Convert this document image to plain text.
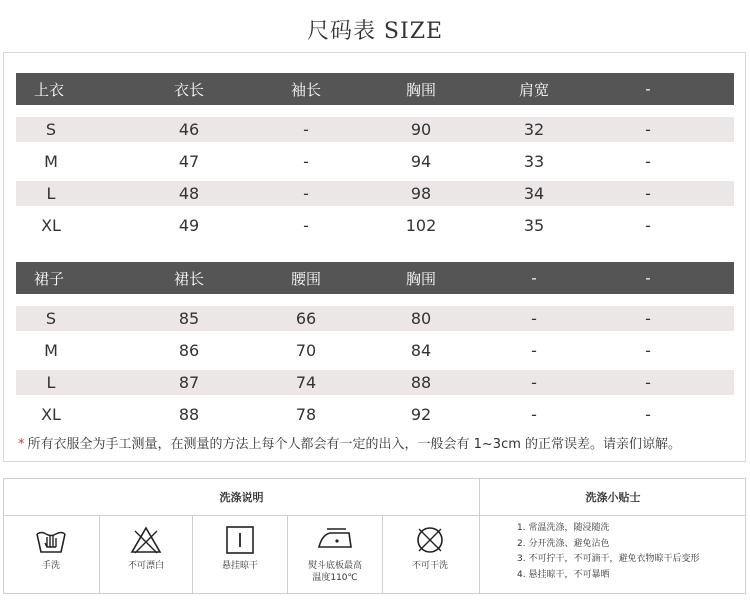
尺码表 SIZE
上衣	衣长	袖长	胸围	肩宽	-
S	46	-	90	32	-
M	47	-	94	33	-
L	48	-	98	34	-
XL	49	-	102	35	-
裙子	裙长	腰围	胸围	-	-
S	85	66	80	-	-
M	86	70	84	-	-
L	87	74	88	-	-
XL	88	78	92	-	-
* 所有衣服全为手工测量，在测量的方法上每个人都会有一定的出入，一般会有 1~3cm 的正常误差。请亲们谅解。
洗涤说明	洗涤小贴士
手洗	不可漂白	悬挂晾干	熨斗底板最高
温度110℃
不可干洗
1. 常温洗涤，随浸随洗
2. 分开洗涤、避免沾色
3. 不可拧干，不可滴干，避免衣物晾干后变形
4. 悬挂晾干，不可暴晒
